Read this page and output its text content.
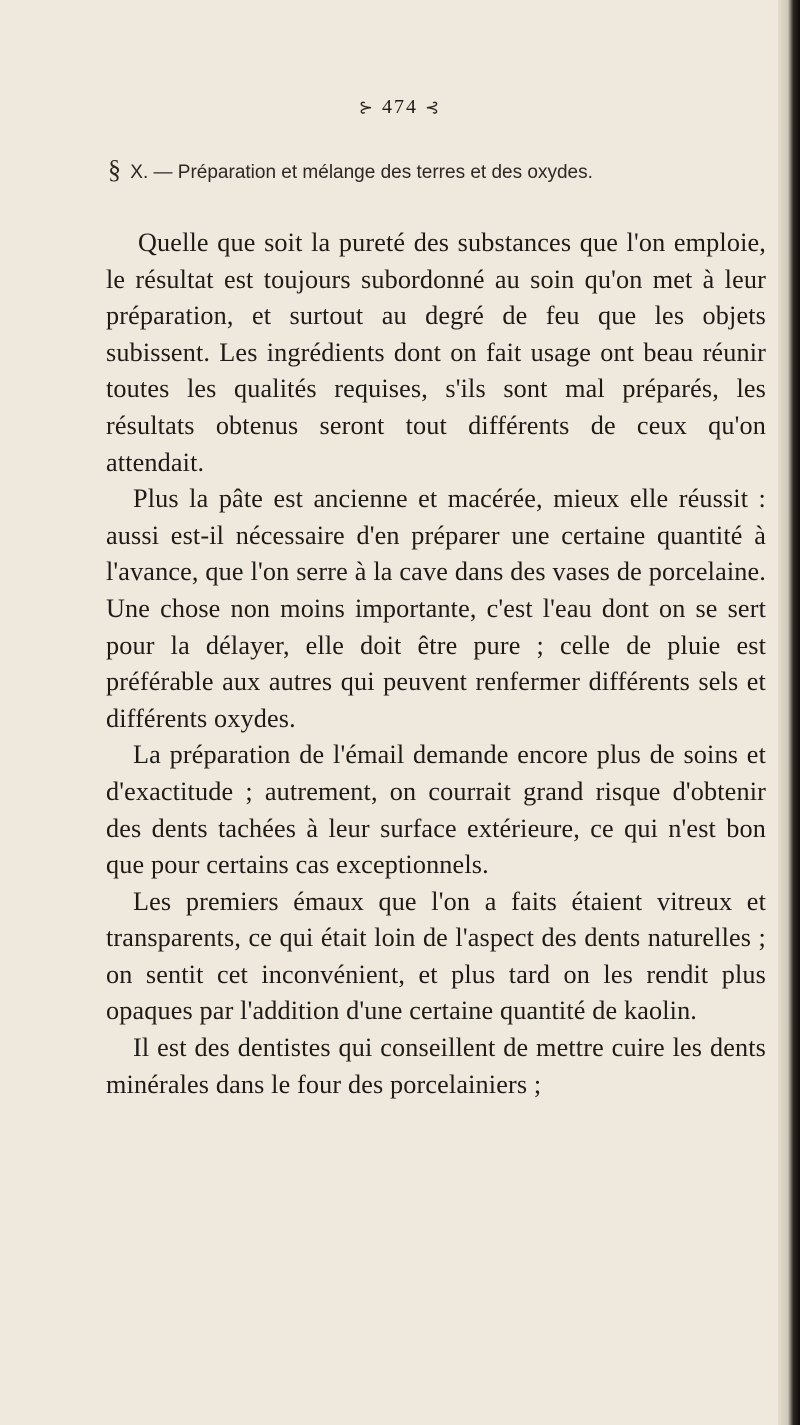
⊱ 474 ⊰
§ X. — Préparation et mélange des terres et des oxydes.

Quelle que soit la pureté des substances que l'on emploie, le résultat est toujours subordonné au soin qu'on met à leur préparation, et surtout au degré de feu que les objets subissent. Les ingrédients dont on fait usage ont beau réunir toutes les qualités requises, s'ils sont mal préparés, les résultats obtenus seront tout différents de ceux qu'on attendait.

Plus la pâte est ancienne et macérée, mieux elle réussit : aussi est-il nécessaire d'en préparer une certaine quantité à l'avance, que l'on serre à la cave dans des vases de porcelaine. Une chose non moins importante, c'est l'eau dont on se sert pour la délayer, elle doit être pure ; celle de pluie est préférable aux autres qui peuvent renfermer différents sels et différents oxydes.

La préparation de l'émail demande encore plus de soins et d'exactitude ; autrement, on courrait grand risque d'obtenir des dents tachées à leur surface extérieure, ce qui n'est bon que pour certains cas exceptionnels.

Les premiers émaux que l'on a faits étaient vitreux et transparents, ce qui était loin de l'aspect des dents naturelles ; on sentit cet inconvénient, et plus tard on les rendit plus opaques par l'addition d'une certaine quantité de kaolin.

Il est des dentistes qui conseillent de mettre cuire les dents minérales dans le four des porcelainiers ;
